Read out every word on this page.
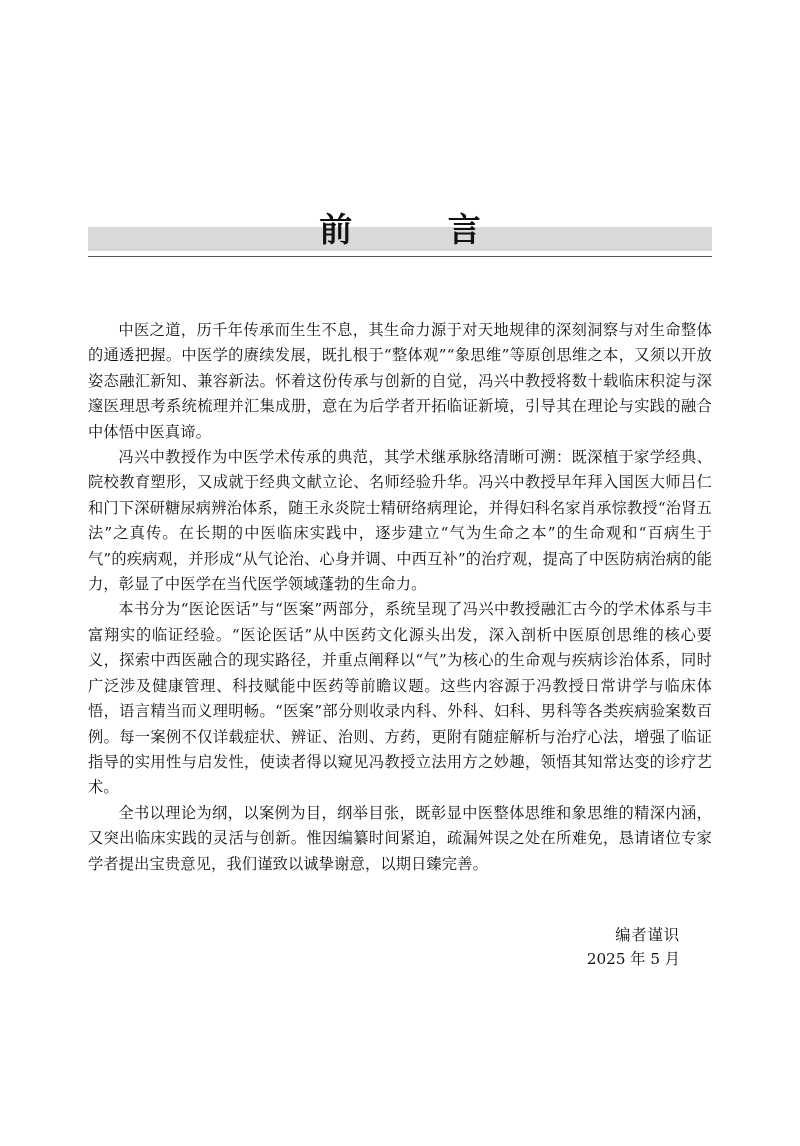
前 言

中医之道，历千年传承而生生不息，其生命力源于对天地规律的深刻洞察与对生命整体的通透把握。中医学的赓续发展，既扎根于“整体观”“象思维”等原创思维之本，又须以开放姿态融汇新知、兼容新法。怀着这份传承与创新的自觉，冯兴中教授将数十载临床积淀与深邃医理思考系统梳理并汇集成册，意在为后学者开拓临证新境，引导其在理论与实践的融合中体悟中医真谛。

冯兴中教授作为中医学术传承的典范，其学术继承脉络清晰可溯：既深植于家学经典、院校教育塑形，又成就于经典文献立论、名师经验升华。冯兴中教授早年拜入国医大师吕仁和门下深研糖尿病辨治体系，随王永炎院士精研络病理论，并得妇科名家肖承悰教授“治肾五法”之真传。在长期的中医临床实践中，逐步建立“气为生命之本”的生命观和“百病生于气”的疾病观，并形成“从气论治、心身并调、中西互补”的治疗观，提高了中医防病治病的能力，彰显了中医学在当代医学领域蓬勃的生命力。

本书分为“医论医话”与“医案”两部分，系统呈现了冯兴中教授融汇古今的学术体系与丰富翔实的临证经验。“医论医话”从中医药文化源头出发，深入剖析中医原创思维的核心要义，探索中西医融合的现实路径，并重点阐释以“气”为核心的生命观与疾病诊治体系，同时广泛涉及健康管理、科技赋能中医药等前瞻议题。这些内容源于冯教授日常讲学与临床体悟，语言精当而义理明畅。“医案”部分则收录内科、外科、妇科、男科等各类疾病验案数百例。每一案例不仅详载症状、辨证、治则、方药，更附有随症解析与治疗心法，增强了临证指导的实用性与启发性，使读者得以窥见冯教授立法用方之妙趣，领悟其知常达变的诊疗艺术。

全书以理论为纲，以案例为目，纲举目张，既彰显中医整体思维和象思维的精深内涵，又突出临床实践的灵活与创新。惟因编纂时间紧迫，疏漏舛误之处在所难免，恳请诸位专家学者提出宝贵意见，我们谨致以诚挚谢意，以期日臻完善。

编者谨识
2025 年 5 月
